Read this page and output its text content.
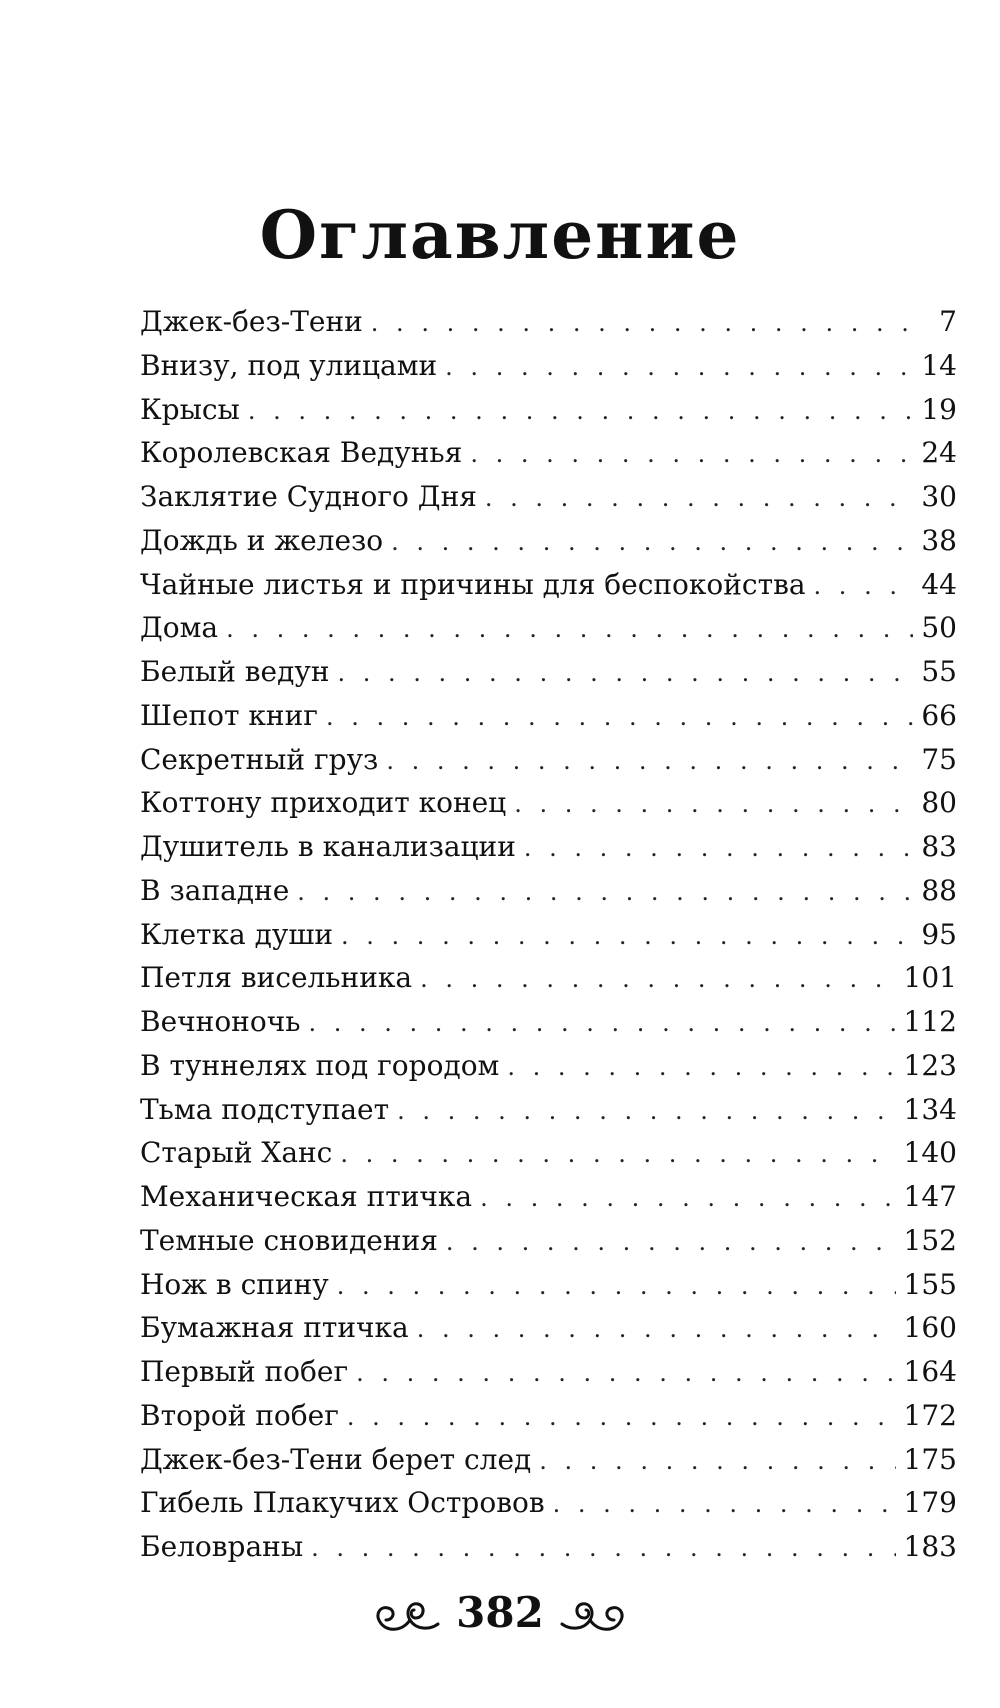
Оглавление
Джек-без-Тени . . .	7
Внизу, под улицами . . .	14
Крысы . . .	19
Королевская Ведунья . . .	24
Заклятие Судного Дня . . .	30
Дождь и железо . . .	38
Чайные листья и причины для беспокойства . . .	44
Дома . . .	50
Белый ведун . . .	55
Шепот книг . . .	66
Секретный груз . . .	75
Коттону приходит конец . . .	80
Душитель в канализации . . .	83
В западне . . .	88
Клетка души . . .	95
Петля висельника . . .	101
Вечноночь . . .	112
В туннелях под городом . . .	123
Тьма подступает . . .	134
Старый Ханс . . .	140
Механическая птичка . . .	147
Темные сновидения . . .	152
Нож в спину . . .	155
Бумажная птичка . . .	160
Первый побег . . .	164
Второй побег . . .	172
Джек-без-Тени берет след . . .	175
Гибель Плакучих Островов . . .	179
Беловраны . . .	183
382
